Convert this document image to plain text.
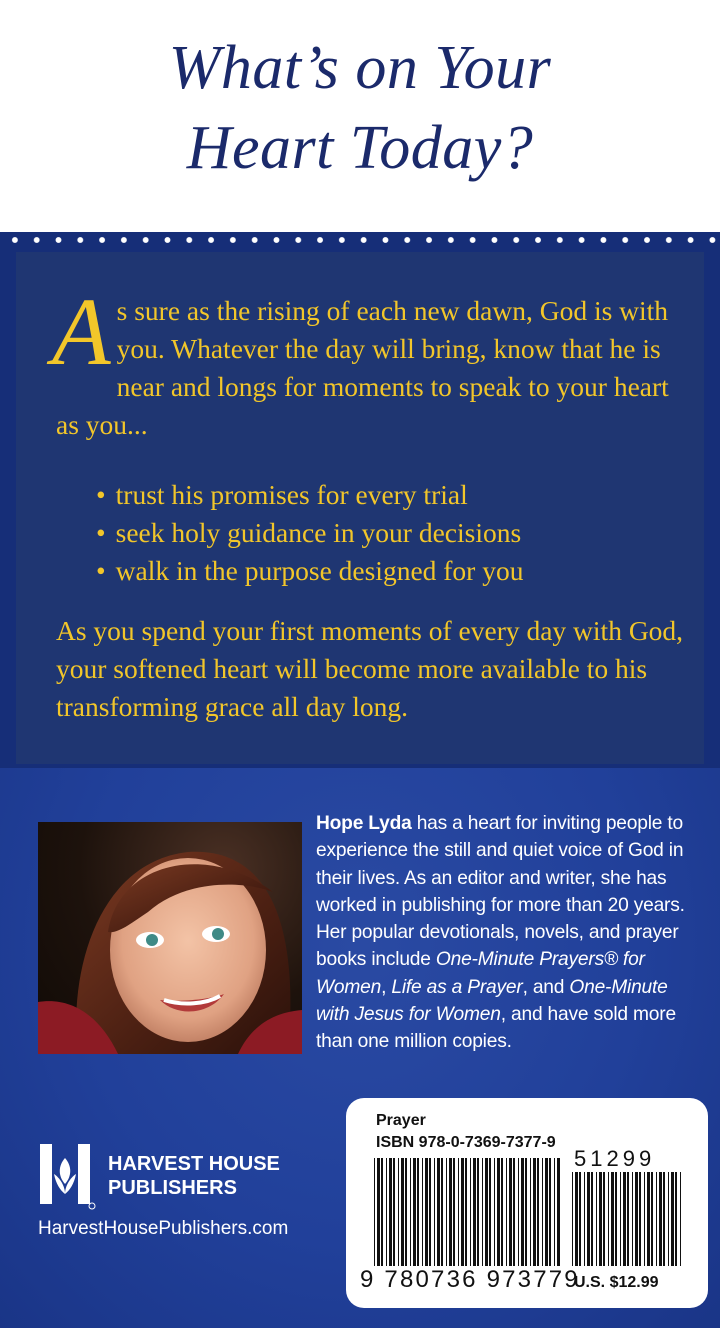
What’s on Your
Heart Today?
As sure as the rising of each new dawn, God is with you. Whatever the day will bring, know that he is near and longs for moments to speak to your heart as you...
• trust his promises for every trial
• seek holy guidance in your decisions
• walk in the purpose designed for you
As you spend your first moments of every day with God, your softened heart will become more available to his transforming grace all day long.
Hope Lyda has a heart for inviting people to experience the still and quiet voice of God in their lives. As an editor and writer, she has worked in publishing for more than 20 years. Her popular devotionals, novels, and prayer books include One-Minute Prayers® for Women, Life as a Prayer, and One-Minute with Jesus for Women, and have sold more than one million copies.
HARVEST HOUSE
PUBLISHERS
HarvestHousePublishers.com
Prayer
ISBN 978-0-7369-7377-9
51299
9 780736 973779
U.S. $12.99
